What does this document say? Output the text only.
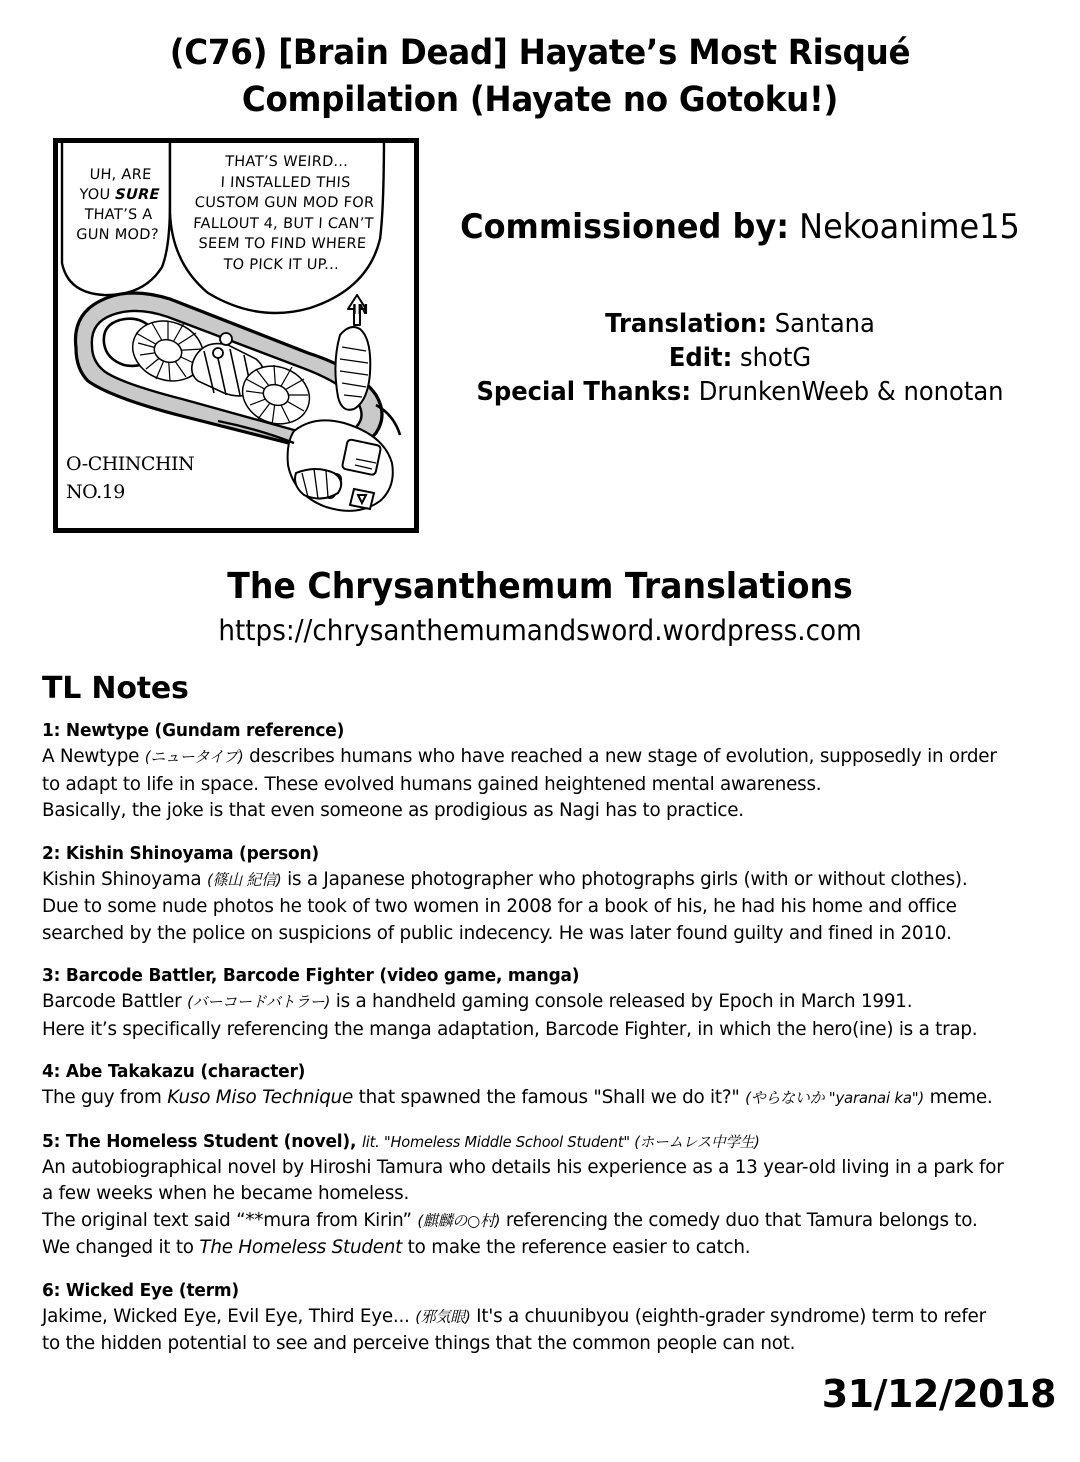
(C76) [Brain Dead] Hayate’s Most Risqué
Compilation (Hayate no Gotoku!)
UH, ARE
YOU SURE
THAT’S A
GUN MOD?
THAT’S WEIRD...
I INSTALLED THIS
CUSTOM GUN MOD FOR
FALLOUT 4, BUT I CAN’T
SEEM TO FIND WHERE
TO PICK IT UP...
IN
O-CHINCHIN
NO.19
Commissioned by: Nekoanime15
Translation: Santana
Edit: shotG
Special Thanks: DrunkenWeeb & nonotan
The Chrysanthemum Translations
https://chrysanthemumandsword.wordpress.com
TL Notes
1: Newtype (Gundam reference)

A Newtype (ニュータイプ) describes humans who have reached a new stage of evolution, supposedly in order to adapt to life in space. These evolved humans gained heightened mental awareness.

Basically, the joke is that even someone as prodigious as Nagi has to practice.

2: Kishin Shinoyama (person)

Kishin Shinoyama (篠山 紀信) is a Japanese photographer who photographs girls (with or without clothes). Due to some nude photos he took of two women in 2008 for a book of his, he had his home and office searched by the police on suspicions of public indecency. He was later found guilty and fined in 2010.

3: Barcode Battler, Barcode Fighter (video game, manga)

Barcode Battler (バーコードバトラー) is a handheld gaming console released by Epoch in March 1991.

Here it’s specifically referencing the manga adaptation, Barcode Fighter, in which the hero(ine) is a trap.

4: Abe Takakazu (character)

The guy from Kuso Miso Technique that spawned the famous "Shall we do it?" (やらないか "yaranai ka") meme.

5: The Homeless Student (novel), lit. "Homeless Middle School Student" (ホームレス中学生)

An autobiographical novel by Hiroshi Tamura who details his experience as a 13 year-old living in a park for a few weeks when he became homeless.

The original text said “**mura from Kirin” (麒麟の○村) referencing the comedy duo that Tamura belongs to.

We changed it to The Homeless Student to make the reference easier to catch.

6: Wicked Eye (term)

Jakime, Wicked Eye, Evil Eye, Third Eye... (邪気眼) It's a chuunibyou (eighth-grader syndrome) term to refer to the hidden potential to see and perceive things that the common people can not.

31/12/2018
